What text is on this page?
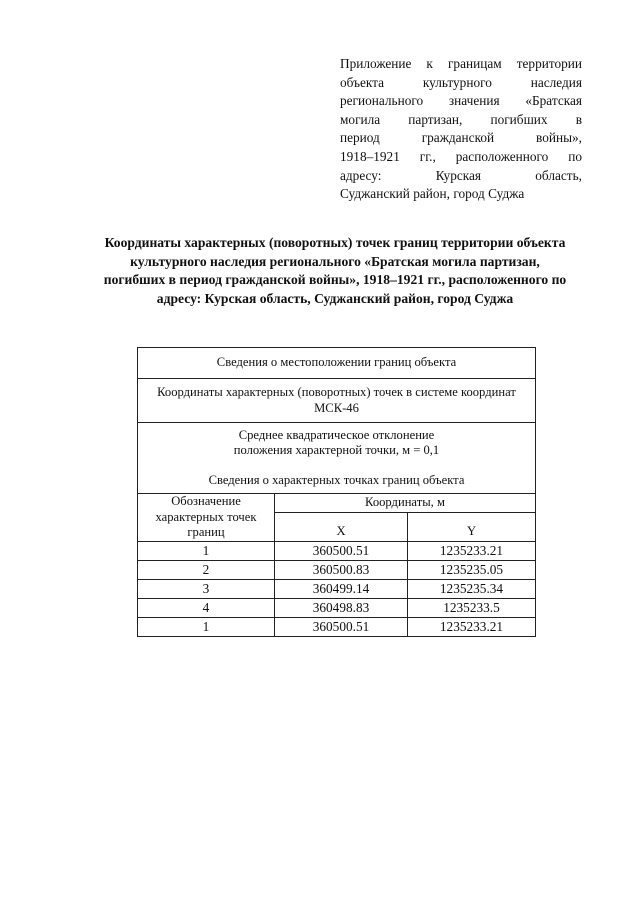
Приложение к границам территории
объекта культурного наследия
регионального значения «Братская
могила партизан, погибших в
период гражданской войны»,
1918–1921 гг., расположенного по
адресу: Курская область,
Суджанский район, город Суджа
Координаты характерных (поворотных) точек границ территории объекта культурного наследия регионального «Братская могила партизан, погибших в период гражданской войны», 1918–1921 гг., расположенного по адресу: Курская область, Суджанский район, город Суджа
Сведения о местоположении границ объекта		
Координаты характерных (поворотных) точек в системе координат МСК-46		

Среднее квадратическое отклонение
положения характерной точки, м = 0,1
Сведения о характерных точках границ объекта		

Обозначение характерных точек границ	Координаты, м	
	X	Y
1	360500.51	1235233.21
2	360500.83	1235235.05
3	360499.14	1235235.34
4	360498.83	1235233.5
1	360500.51	1235233.21
